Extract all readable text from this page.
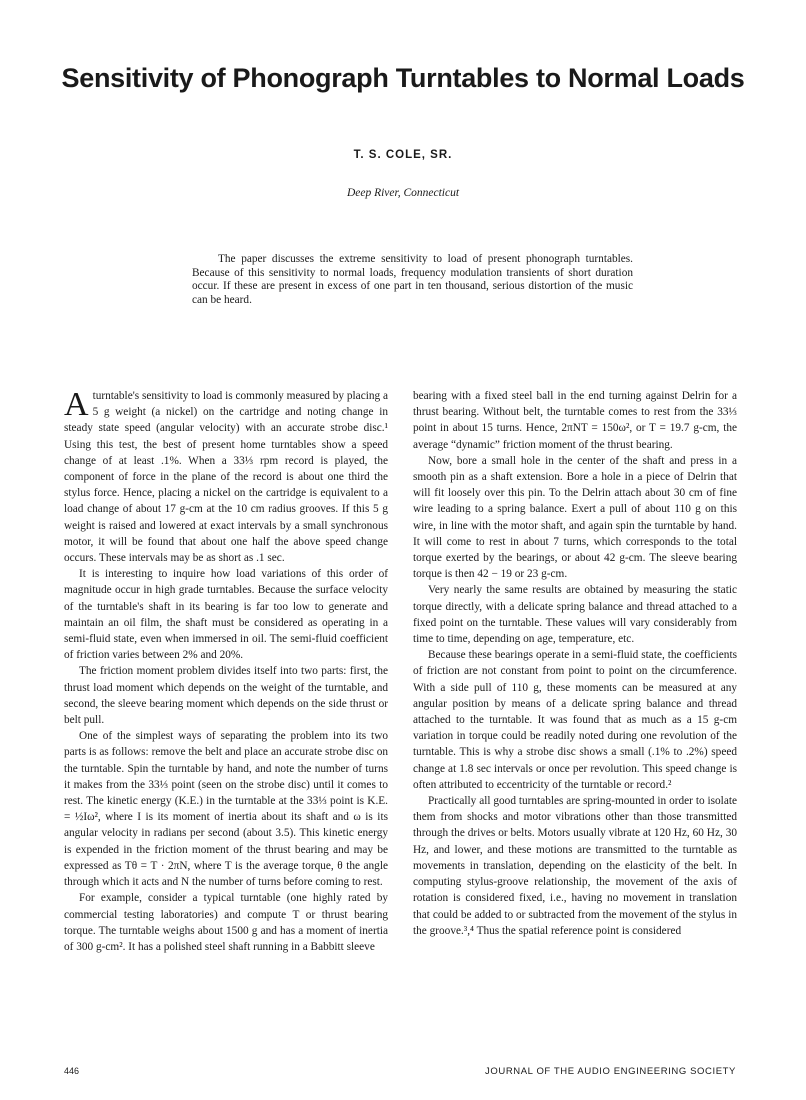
Sensitivity of Phonograph Turntables to Normal Loads
T. S. COLE, SR.
Deep River, Connecticut

The paper discusses the extreme sensitivity to load of present phonograph turntables. Because of this sensitivity to normal loads, frequency modulation transients of short duration occur. If these are present in excess of one part in ten thousand, serious distortion of the music can be heard.

Aturntable's sensitivity to load is commonly measured by placing a 5 g weight (a nickel) on the cartridge and noting change in steady state speed (angular velocity) with an accurate strobe disc.¹ Using this test, the best of present home turntables show a speed change of at least .1%. When a 33⅓ rpm record is played, the component of force in the plane of the record is about one third the stylus force. Hence, placing a nickel on the cartridge is equivalent to a load change of about 17 g-cm at the 10 cm radius grooves. If this 5 g weight is raised and lowered at exact intervals by a small synchronous motor, it will be found that about one half the above speed change occurs. These intervals may be as short as .1 sec.

It is interesting to inquire how load variations of this order of magnitude occur in high grade turntables. Because the surface velocity of the turntable's shaft in its bearing is far too low to generate and maintain an oil film, the shaft must be considered as operating in a semi-fluid state, even when immersed in oil. The semi-fluid coefficient of friction varies between 2% and 20%.

The friction moment problem divides itself into two parts: first, the thrust load moment which depends on the weight of the turntable, and second, the sleeve bearing moment which depends on the side thrust or belt pull.

One of the simplest ways of separating the problem into its two parts is as follows: remove the belt and place an accurate strobe disc on the turntable. Spin the turntable by hand, and note the number of turns it makes from the 33⅓ point (seen on the strobe disc) until it comes to rest. The kinetic energy (K.E.) in the turntable at the 33⅓ point is K.E. = ½Iω², where I is its moment of inertia about its shaft and ω is its angular velocity in radians per second (about 3.5). This kinetic energy is expended in the friction moment of the thrust bearing and may be expressed as Tθ = T · 2πN, where T is the average torque, θ the angle through which it acts and N the number of turns before coming to rest.

For example, consider a typical turntable (one highly rated by commercial testing laboratories) and compute T or thrust bearing torque. The turntable weighs about 1500 g and has a moment of inertia of 300 g-cm². It has a polished steel shaft running in a Babbitt sleeve

bearing with a fixed steel ball in the end turning against Delrin for a thrust bearing. Without belt, the turntable comes to rest from the 33⅓ point in about 15 turns. Hence, 2πNT = 150ω², or T = 19.7 g-cm, the average “dynamic” friction moment of the thrust bearing.

Now, bore a small hole in the center of the shaft and press in a smooth pin as a shaft extension. Bore a hole in a piece of Delrin that will fit loosely over this pin. To the Delrin attach about 30 cm of fine wire leading to a spring balance. Exert a pull of about 110 g on this wire, in line with the motor shaft, and again spin the turntable by hand. It will come to rest in about 7 turns, which corresponds to the total torque exerted by the bearings, or about 42 g-cm. The sleeve bearing torque is then 42 − 19 or 23 g-cm.

Very nearly the same results are obtained by measuring the static torque directly, with a delicate spring balance and thread attached to a fixed point on the turntable. These values will vary considerably from time to time, depending on age, temperature, etc.

Because these bearings operate in a semi-fluid state, the coefficients of friction are not constant from point to point on the circumference. With a side pull of 110 g, these moments can be measured at any angular position by means of a delicate spring balance and thread attached to the turntable. It was found that as much as a 15 g-cm variation in torque could be readily noted during one revolution of the turntable. This is why a strobe disc shows a small (.1% to .2%) speed change at 1.8 sec intervals or once per revolution. This speed change is often attributed to eccentricity of the turntable or record.²

Practically all good turntables are spring-mounted in order to isolate them from shocks and motor vibrations other than those transmitted through the drives or belts. Motors usually vibrate at 120 Hz, 60 Hz, 30 Hz, and lower, and these motions are transmitted to the turntable as movements in translation, depending on the elasticity of the belt. In computing stylus-groove relationship, the movement of the axis of rotation is considered fixed, i.e., having no movement in translation that could be added to or subtracted from the movement of the stylus in the groove.³,⁴ Thus the spatial reference point is considered

446	JOURNAL OF THE AUDIO ENGINEERING SOCIETY
